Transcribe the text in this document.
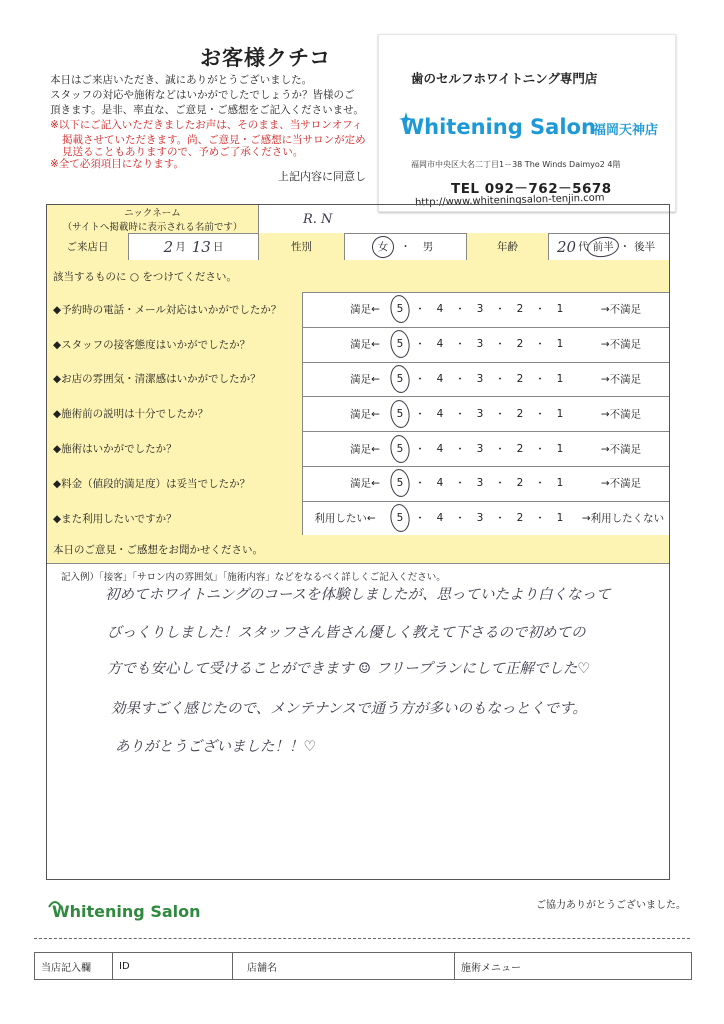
お客様クチコ
本日はご来店いただき、誠にありがとうございました。
スタッフの対応や施術などはいかがでしたでしょうか？皆様のご
頂きます。是非、率直な、ご意見・ご感想をご記入くださいませ。
※以下にご記入いただきましたお声は、そのまま、当サロンオフィ
掲載させていただきます。尚、ご意見・ご感想に当サロンが定め
見送ることもありますので、予めご了承ください。
※全て必須項目になります。
上記内容に同意し
歯のセルフホワイトニング専門店
Whitening Salon
福岡天神店
福岡市中央区大名二丁目1－38 The Winds Daimyo2 4階
TEL 092－762－5678
http://www.whiteningsalon-tenjin.com
ニックネーム
（サイトへ掲載時に表示される名前です）
R. N
ご来店日	2 月 13 日	性別	女 ・ 男	年齢	20 代 前半 ・ 後半
該当するものに ○ をつけてください。
◆予約時の電話・メール対応はいかがでしたか？	満足← 5 ・ 4 ・ 3 ・ 2 ・ 1	→不満足
◆スタッフの接客態度はいかがでしたか？	満足← 5 ・ 4 ・ 3 ・ 2 ・ 1	→不満足
◆お店の雰囲気・清潔感はいかがでしたか？	満足← 5 ・ 4 ・ 3 ・ 2 ・ 1	→不満足
◆施術前の説明は十分でしたか？	満足← 5 ・ 4 ・ 3 ・ 2 ・ 1	→不満足
◆施術はいかがでしたか？	満足← 5 ・ 4 ・ 3 ・ 2 ・ 1	→不満足
◆料金（値段的満足度）は妥当でしたか？	満足← 5 ・ 4 ・ 3 ・ 2 ・ 1	→不満足
◆また利用したいですか？	利用したい← 5 ・ 4 ・ 3 ・ 2 ・ 1 →利用したくない
本日のご意見・ご感想をお聞かせください。
記入例）「接客」「サロン内の雰囲気」「施術内容」などをなるべく詳しくご記入ください。
初めてホワイトニングのコースを体験しましたが、思っていたより白くなって
びっくりしました！スタッフさん皆さん優しく教えて下さるので初めての
方でも安心して受けることができます ☺ フリープランにして正解でした♡
効果すごく感じたので、メンテナンスで通う方が多いのもなっとくです。
ありがとうございました！！♡
Whitening Salon	ご協力ありがとうございました。
当店記入欄	ID	店舗名	施術メニュー
